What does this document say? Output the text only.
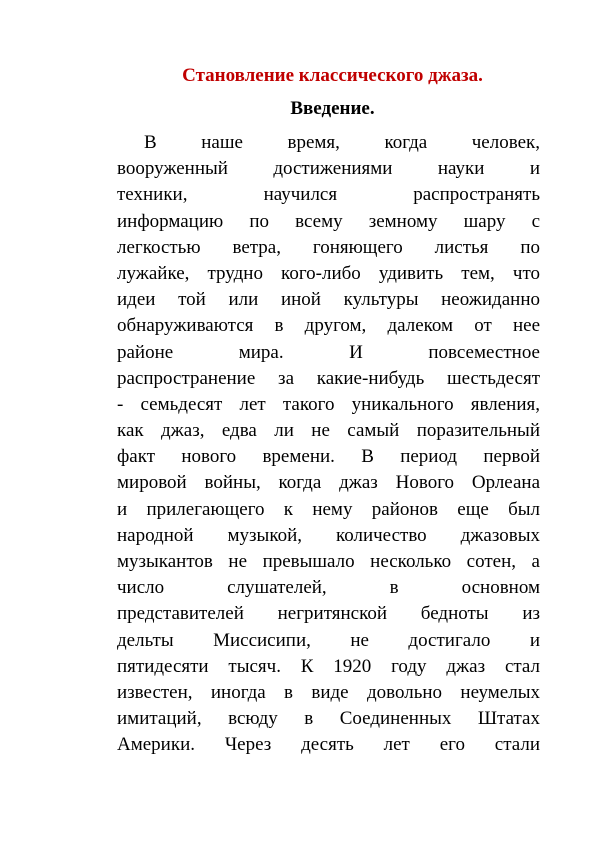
Становление классического джаза.
Введение.
В наше время, когда человек,
вооруженный достижениями науки и
техники, научился распространять
информацию по всему земному шару с
легкостью ветра, гоняющего листья по
лужайке, трудно кого-либо удивить тем, что
идеи той или иной культуры неожиданно
обнаруживаются в другом, далеком от нее
районе мира. И повсеместное
распространение за какие-нибудь шестьдесят
- семьдесят лет такого уникального явления,
как джаз, едва ли не самый поразительный
факт нового времени. В период первой
мировой войны, когда джаз Нового Орлеана
и прилегающего к нему районов еще был
народной музыкой, количество джазовых
музыкантов не превышало несколько сотен, а
число слушателей, в основном
представителей негритянской бедноты из
дельты Миссисипи, не достигало и
пятидесяти тысяч. К 1920 году джаз стал
известен, иногда в виде довольно неумелых
имитаций, всюду в Соединенных Штатах
Америки. Через десять лет его стали
